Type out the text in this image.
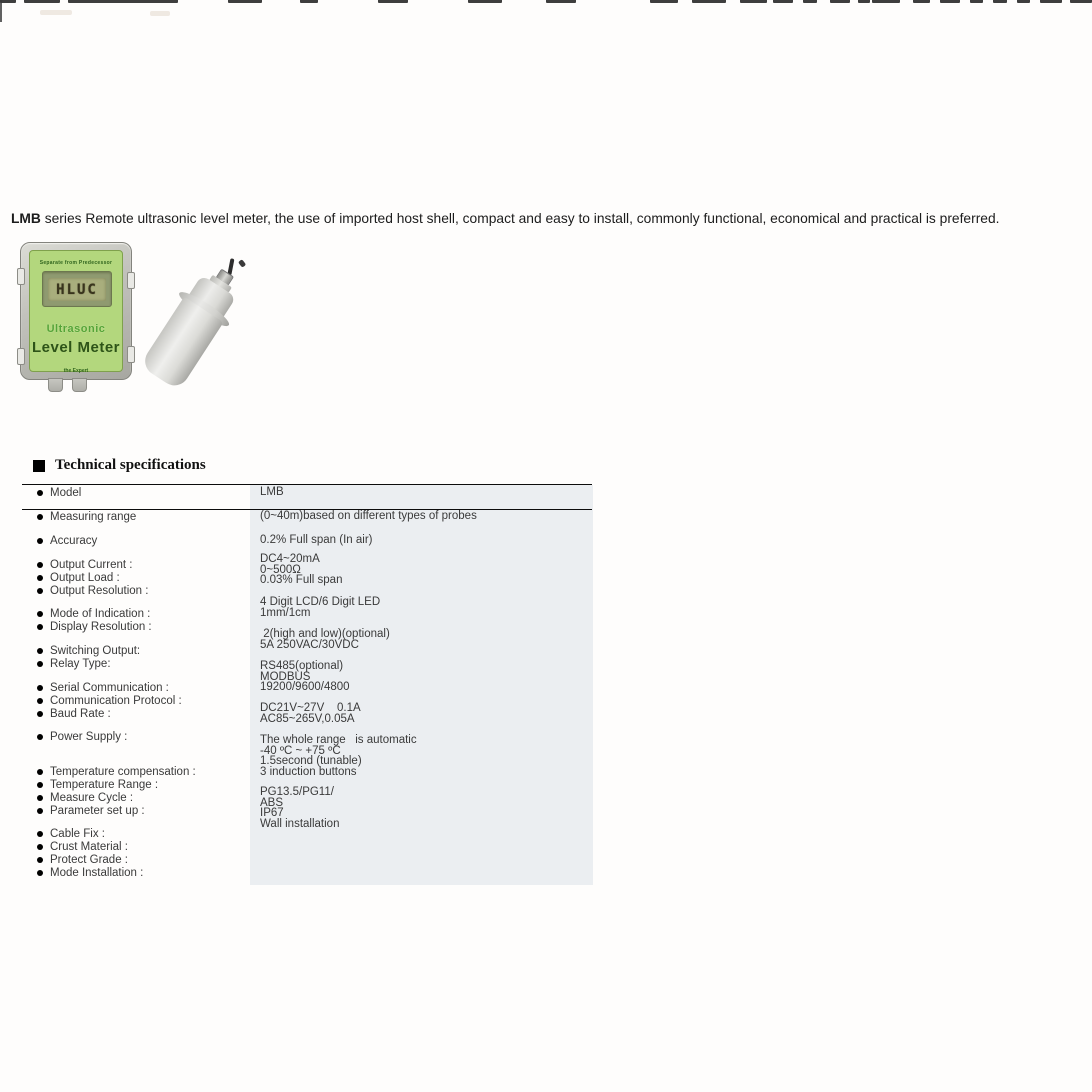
LMB series Remote ultrasonic level meter, the use of imported host shell, compact and easy to install, commonly functional, economical and practical is preferred.

Separate from Predecessor
HLUC
Ultrasonic
Level Meter
the Expert
Technical specifications
Model
Measuring range
Accuracy
Output Current :
Output Load :
Output Resolution :
Mode of Indication :
Display Resolution :
Switching Output:
Relay Type:
Serial Communication :
Communication Protocol :
Baud Rate :
Power Supply :
Temperature compensation :
Temperature Range :
Measure Cycle :
Parameter set up :
Cable Fix :
Crust Material :
Protect Grade :
Mode Installation :
LMB
(0~40m)based on different types of probes
0.2% Full span (In air)
DC4~20mA
0~500Ω
0.03% Full span
4 Digit LCD/6 Digit LED
1mm/1cm
2(high and low)(optional)
5A 250VAC/30VDC
RS485(optional)
MODBUS
19200/9600/4800
DC21V~27V    0.1A
AC85~265V,0.05A
The whole range   is automatic
-40 ºC ~ +75 ºC
1.5second (tunable)
3 induction buttons
PG13.5/PG11/
ABS
IP67
Wall installation
